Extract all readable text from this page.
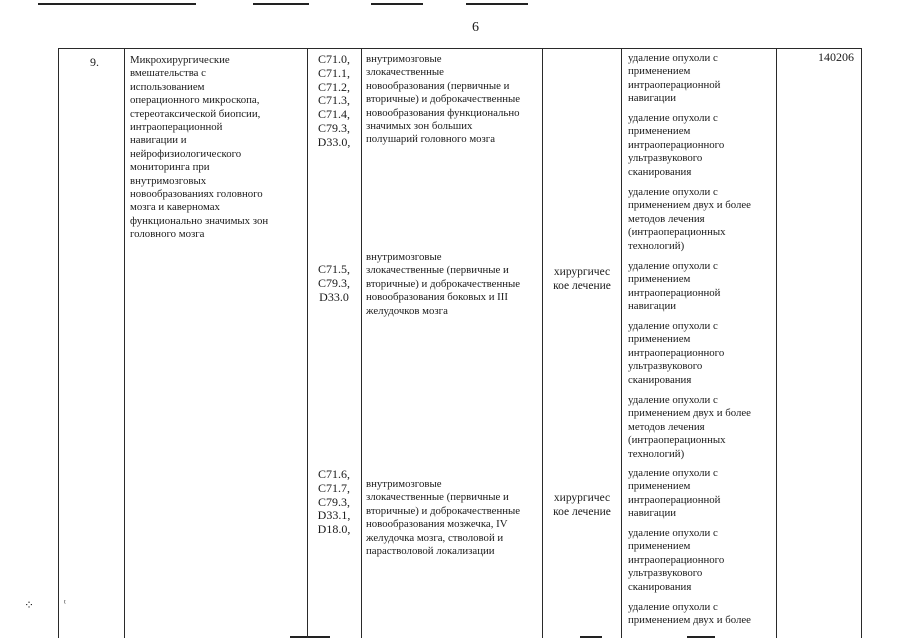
6
9.	Микрохирургические
вмешательства с
использованием
операционного микроскопа,
стереотаксической биопсии,
интраоперационной
навигации и
нейрофизиологического
мониторинга при
внутримозговых
новообразованиях головного
мозга и каверномах
функционально значимых зон
головного мозга
140206
C71.0,
C71.1,
C71.2,
C71.3,
C71.4,
C79.3,
D33.0,
внутримозговые
злокачественные
новообразования (первичные и
вторичные) и доброкачественные
новообразования функционально
значимых зон больших
полушарий головного мозга
удаление опухоли с
применением
интраоперационной
навигации
удаление опухоли с
применением
интраоперационного
ультразвукового
сканирования
удаление опухоли с
применением двух и более
методов лечения
(интраоперационных
технологий)
C71.5,
C79.3,
D33.0
внутримозговые
злокачественные (первичные и
вторичные) и доброкачественные
новообразования боковых и III
желудочков мозга
хирургичес
кое лечение
удаление опухоли с
применением
интраоперационной
навигации
удаление опухоли с
применением
интраоперационного
ультразвукового
сканирования
удаление опухоли с
применением двух и более
методов лечения
(интраоперационных
технологий)
C71.6,
C71.7,
C79.3,
D33.1,
D18.0,
внутримозговые
злокачественные (первичные и
вторичные) и доброкачественные
новообразования мозжечка, IV
желудочка мозга, стволовой и
парастволовой локализации
хирургичес
кое лечение
удаление опухоли с
применением
интраоперационной
навигации
удаление опухоли с
применением
интраоперационного
ультразвукового
сканирования
удаление опухоли с
применением двух и более
⁘	ᵗ
